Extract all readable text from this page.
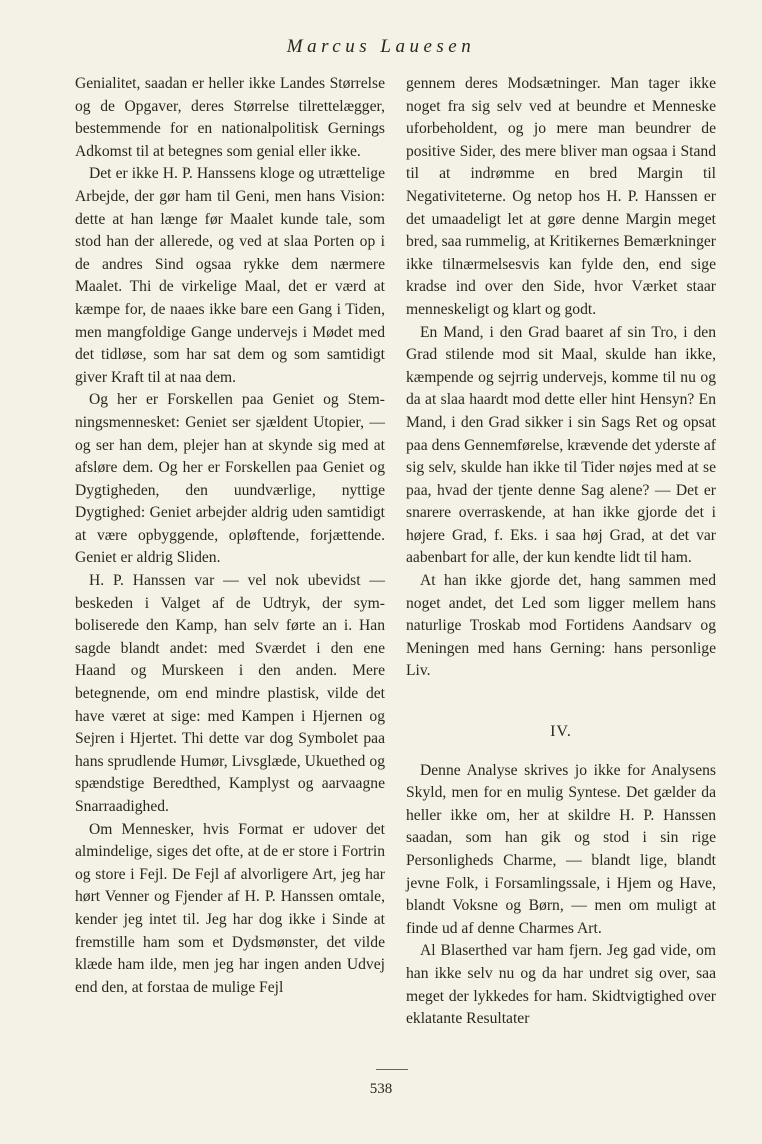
Marcus Lauesen

Genialitet, saadan er heller ikke Landes Størrelse og de Opgaver, deres Størrelse tilrettelægger, bestemmende for en nationalpolitisk Gernings Adkomst til at betegnes som genial eller ikke.

Det er ikke H. P. Hanssens kloge og utrættelige Arbejde, der gør ham til Geni, men hans Vision: dette at han længe før Maalet kunde tale, som stod han der allerede, og ved at slaa Porten op i de andres Sind ogsaa rykke dem nærmere Maalet. Thi de virkelige Maal, det er værd at kæmpe for, de naaes ikke bare een Gang i Tiden, men mangfoldige Gange undervejs i Mødet med det tidløse, som har sat dem og som samtidigt giver Kraft til at naa dem.

Og her er Forskellen paa Geniet og Stemningsmennesket: Geniet ser sjældent Utopier, — og ser han dem, plejer han at skynde sig med at afsløre dem. Og her er Forskellen paa Geniet og Dygtigheden, den uundværlige, nyttige Dygtighed: Geniet arbejder aldrig uden samtidigt at være opbyggende, opløftende, forjættende. Geniet er aldrig Sliden.

H. P. Hanssen var — vel nok ubevidst — beskeden i Valget af de Udtryk, der symboliserede den Kamp, han selv førte an i. Han sagde blandt andet: med Sværdet i den ene Haand og Murskeen i den anden. Mere betegnende, om end mindre plastisk, vilde det have været at sige: med Kampen i Hjernen og Sejren i Hjertet. Thi dette var dog Symbolet paa hans sprudlende Humør, Livsglæde, Ukuethed og spændstige Beredthed, Kamplyst og aarvaagne Snarraadighed.

Om Mennesker, hvis Format er udover det almindelige, siges det ofte, at de er store i Fortrin og store i Fejl. De Fejl af alvorligere Art, jeg har hørt Venner og Fjender af H. P. Hanssen omtale, kender jeg intet til. Jeg har dog ikke i Sinde at fremstille ham som et Dydsmønster, det vilde klæde ham ilde, men jeg har ingen anden Udvej end den, at forstaa de mulige Fejl

gennem deres Modsætninger. Man tager ikke noget fra sig selv ved at beundre et Menneske uforbeholdent, og jo mere man beundrer de positive Sider, des mere bliver man ogsaa i Stand til at indrømme en bred Margin til Negativiteterne. Og netop hos H. P. Hanssen er det umaadeligt let at gøre denne Margin meget bred, saa rummelig, at Kritikernes Bemærkninger ikke tilnærmelsesvis kan fylde den, end sige kradse ind over den Side, hvor Værket staar menneskeligt og klart og godt.

En Mand, i den Grad baaret af sin Tro, i den Grad stilende mod sit Maal, skulde han ikke, kæmpende og sejrrig undervejs, komme til nu og da at slaa haardt mod dette eller hint Hensyn? En Mand, i den Grad sikker i sin Sags Ret og opsat paa dens Gennemførelse, krævende det yderste af sig selv, skulde han ikke til Tider nøjes med at se paa, hvad der tjente denne Sag alene? — Det er snarere overraskende, at han ikke gjorde det i højere Grad, f. Eks. i saa høj Grad, at det var aabenbart for alle, der kun kendte lidt til ham.

At han ikke gjorde det, hang sammen med noget andet, det Led som ligger mellem hans naturlige Troskab mod Fortidens Aandsarv og Meningen med hans Gerning: hans personlige Liv.

IV.

Denne Analyse skrives jo ikke for Analysens Skyld, men for en mulig Syntese. Det gælder da heller ikke om, her at skildre H. P. Hanssen saadan, som han gik og stod i sin rige Personligheds Charme, — blandt lige, blandt jevne Folk, i Forsamlingssale, i Hjem og Have, blandt Voksne og Børn, — men om muligt at finde ud af denne Charmes Art.

Al Blaserthed var ham fjern. Jeg gad vide, om han ikke selv nu og da har undret sig over, saa meget der lykkedes for ham. Skidtvigtighed over eklatante Resultater

538
